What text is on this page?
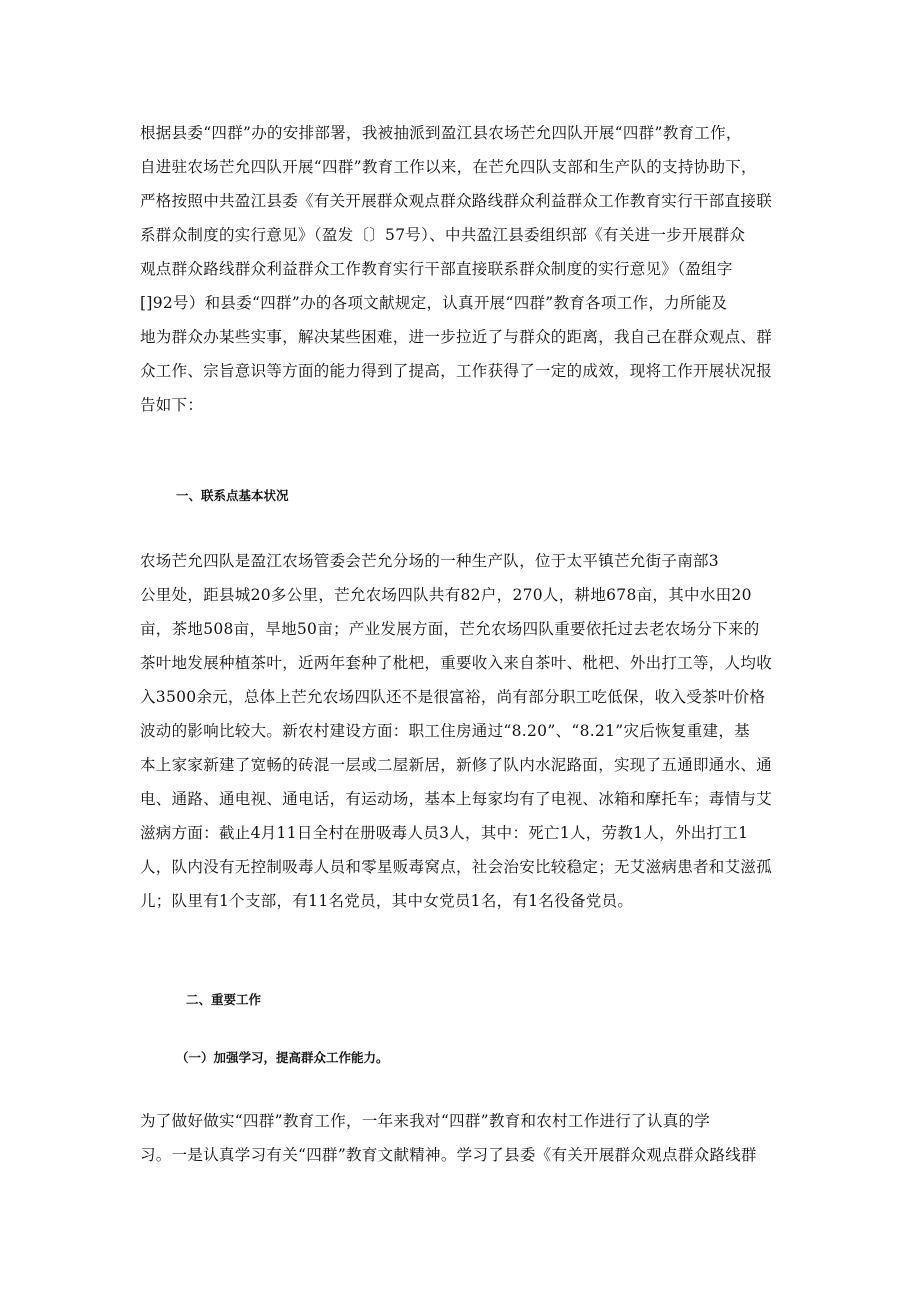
根据县委“四群”办的安排部署，我被抽派到盈江县农场芒允四队开展“四群”教育工作，
自进驻农场芒允四队开展“四群”教育工作以来，在芒允四队支部和生产队的支持协助下，
严格按照中共盈江县委《有关开展群众观点群众路线群众利益群众工作教育实行干部直接联
系群众制度的实行意见》（盈发〔〕57号）、中共盈江县委组织部《有关进一步开展群众
观点群众路线群众利益群众工作教育实行干部直接联系群众制度的实行意见》（盈组字
[]92号）和县委“四群”办的各项文献规定，认真开展“四群”教育各项工作，力所能及
地为群众办某些实事，解决某些困难，进一步拉近了与群众的距离，我自己在群众观点、群
众工作、宗旨意识等方面的能力得到了提高，工作获得了一定的成效，现将工作开展状况报
告如下：
一、联系点基本状况
农场芒允四队是盈江农场管委会芒允分场的一种生产队，位于太平镇芒允街子南部3
公里处，距县城20多公里，芒允农场四队共有82户，270人，耕地678亩，其中水田20
亩，茶地508亩，旱地50亩；产业发展方面，芒允农场四队重要依托过去老农场分下来的
茶叶地发展种植茶叶，近两年套种了枇杷，重要收入来自茶叶、枇杷、外出打工等，人均收
入3500余元，总体上芒允农场四队还不是很富裕，尚有部分职工吃低保，收入受茶叶价格
波动的影响比较大。新农村建设方面：职工住房通过“8.20”、“8.21”灾后恢复重建，基
本上家家新建了宽畅的砖混一层或二屋新居，新修了队内水泥路面，实现了五通即通水、通
电、通路、通电视、通电话，有运动场，基本上每家均有了电视、冰箱和摩托车；毒情与艾
滋病方面：截止4月11日全村在册吸毒人员3人，其中：死亡1人，劳教1人，外出打工1
人，队内没有无控制吸毒人员和零星贩毒窝点，社会治安比较稳定；无艾滋病患者和艾滋孤
儿；队里有1个支部，有11名党员，其中女党员1名，有1名役备党员。
二、重要工作
（一）加强学习，提高群众工作能力。
为了做好做实“四群”教育工作，一年来我对“四群”教育和农村工作进行了认真的学
习。一是认真学习有关“四群”教育文献精神。学习了县委《有关开展群众观点群众路线群
